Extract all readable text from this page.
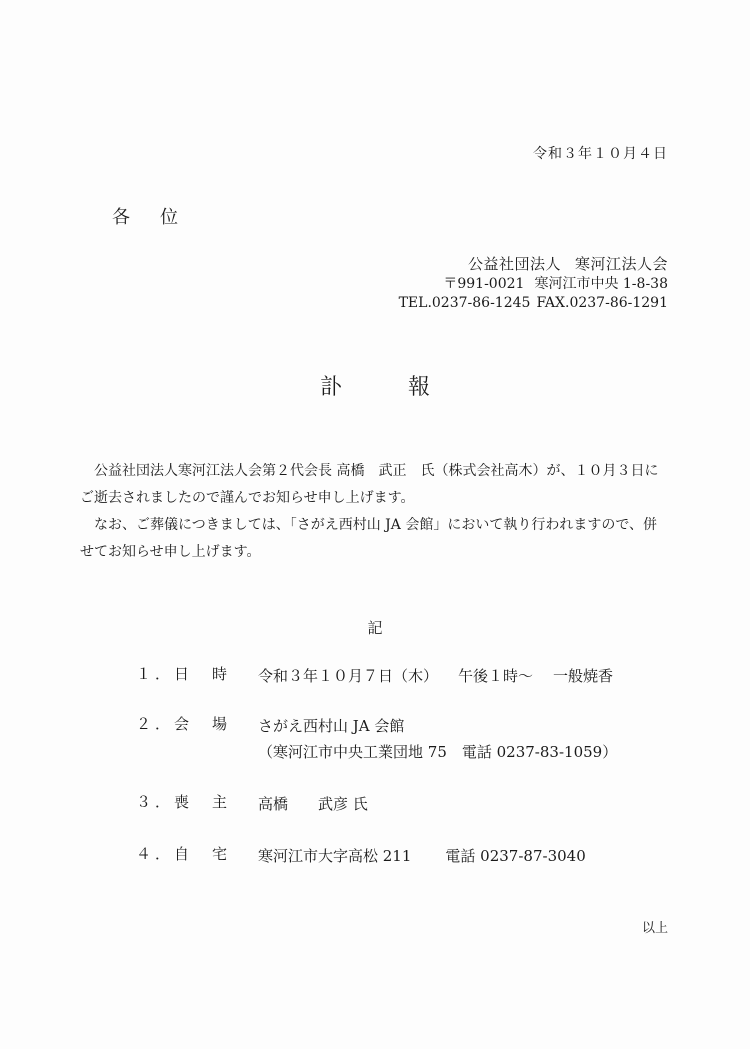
令和３年１０月４日
各位
公益社団法人 寒河江法人会
〒991-0021 寒河江市中央 1-8-38
TEL.0237-86-1245 FAX.0237-86-1291
訃報

公益社団法人寒河江法人会第２代会長 高橋　武正　氏（株式会社高木）が、１０月３日にご逝去されましたので謹んでお知らせ申し上げます。

なお、ご葬儀につきましては、「さがえ西村山 JA 会館」において執り行われますので、併せてお知らせ申し上げます。

記
１．日　時	令和３年１０月７日（木） 午後１時～ 一般焼香
２．会　場	さがえ西村山 JA 会館
（寒河江市中央工業団地 75　電話 0237-83-1059）
３．喪　主	高橋　　武彦 氏
４．自　宅	寒河江市大字高松 211 電話 0237-87-3040
以上
